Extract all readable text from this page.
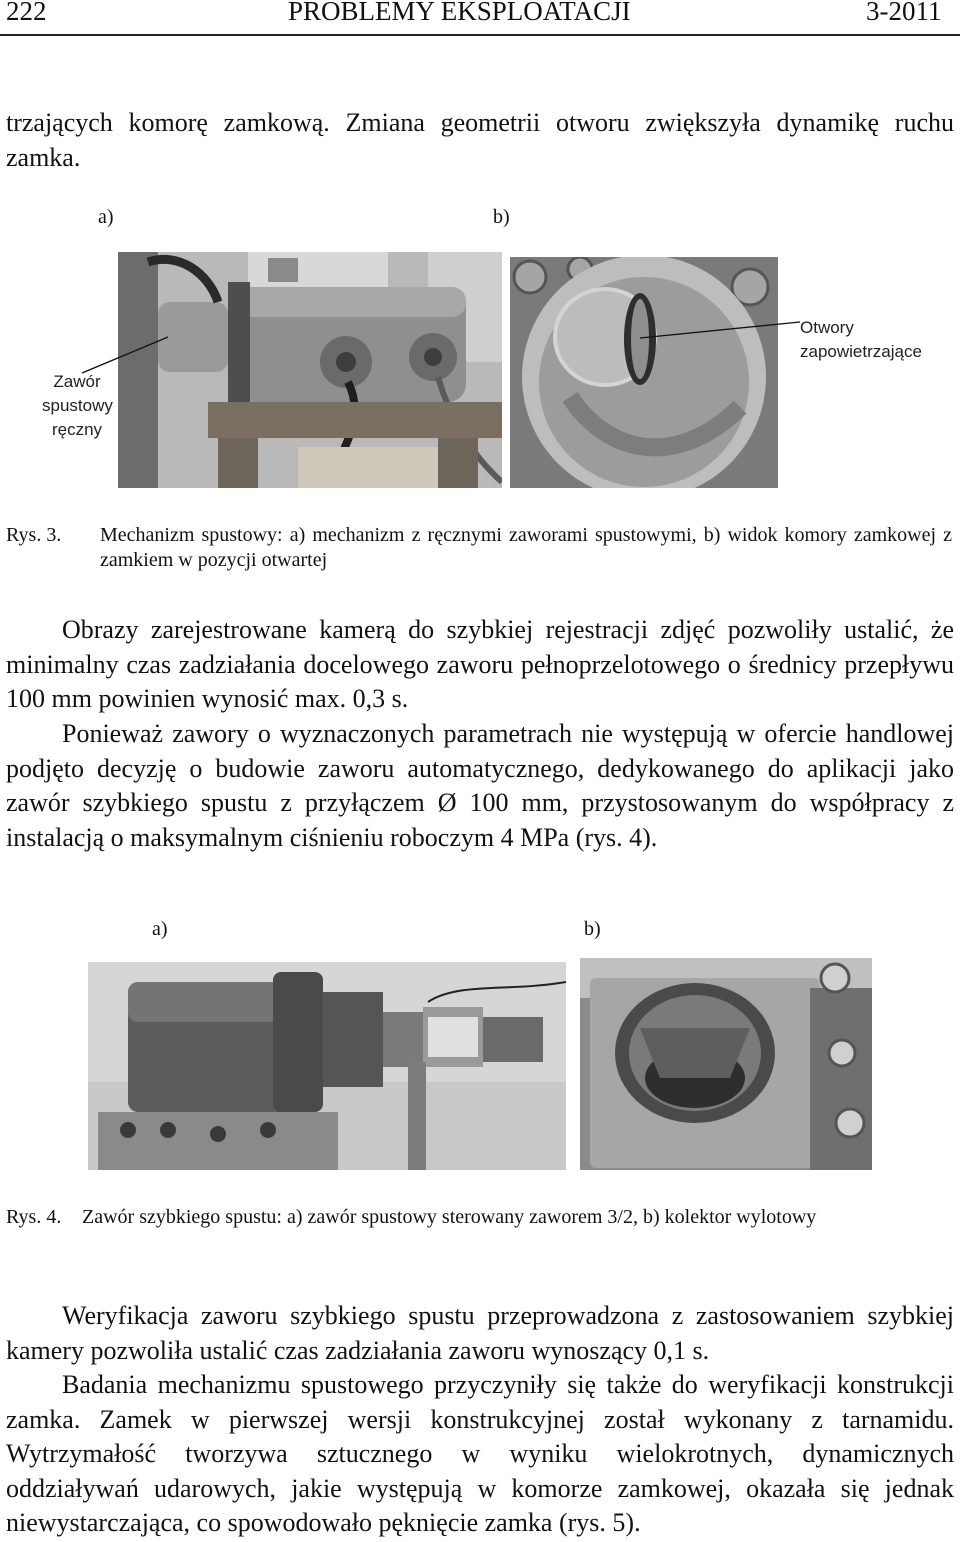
222	PROBLEMY EKSPLOATACJI	3-2011

trzających komorę zamkową. Zmiana geometrii otworu zwiększyła dynamikę ruchu zamka.

a)	b)
Zawór
spustowy
ręczny
Otwory
zapowietrzające
Rys. 3. Mechanizm spustowy: a) mechanizm z ręcznymi zaworami spustowymi, b) widok komory zamkowej z zamkiem w pozycji otwartej

Obrazy zarejestrowane kamerą do szybkiej rejestracji zdjęć pozwoliły ustalić, że minimalny czas zadziałania docelowego zaworu pełnoprzelotowego o średnicy przepływu 100 mm powinien wynosić max. 0,3 s.

Ponieważ zawory o wyznaczonych parametrach nie występują w ofercie handlowej podjęto decyzję o budowie zaworu automatycznego, dedykowanego do aplikacji jako zawór szybkiego spustu z przyłączem Ø 100 mm, przystosowanym do współpracy z instalacją o maksymalnym ciśnieniu roboczym 4 MPa (rys. 4).

a)	b)
Rys. 4. Zawór szybkiego spustu: a) zawór spustowy sterowany zaworem 3/2, b) kolektor wylotowy

Weryfikacja zaworu szybkiego spustu przeprowadzona z zastosowaniem szybkiej kamery pozwoliła ustalić czas zadziałania zaworu wynoszący 0,1 s.

Badania mechanizmu spustowego przyczyniły się także do weryfikacji konstrukcji zamka. Zamek w pierwszej wersji konstrukcyjnej został wykonany z tarnamidu. Wytrzymałość tworzywa sztucznego w wyniku wielokrotnych, dynamicznych oddziaływań udarowych, jakie występują w komorze zamkowej, okazała się jednak niewystarczająca, co spowodowało pęknięcie zamka (rys. 5).
